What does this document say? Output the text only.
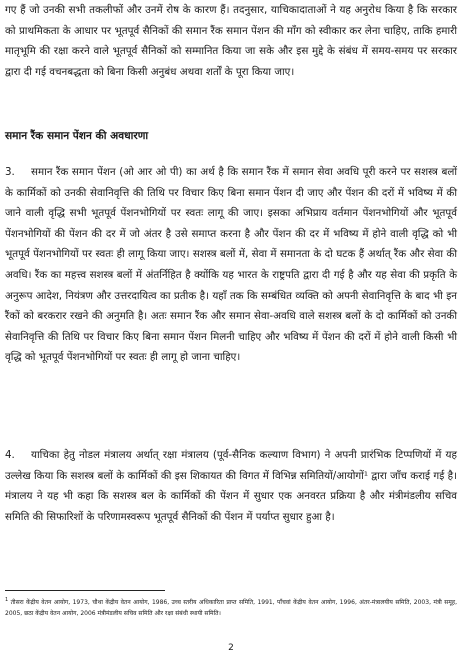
गए हैं जो उनकी सभी तकलीफों और उनमें रोष के कारण हैं। तदनुसार, याचिकादाताओं ने यह अनुरोध किया है कि सरकार को प्राथमिकता के आधार पर भूतपूर्व सैनिकों की समान रैंक समान पेंशन की माँग को स्वीकार कर लेना चाहिए, ताकि हमारी मातृभूमि की रक्षा करने वाले भूतपूर्व सैनिकों को सम्मानित किया जा सके और इस मुद्दे के संबंध में समय-समय पर सरकार द्वारा दी गई वचनबद्धता को बिना किसी अनुबंध अथवा शर्तों के पूरा किया जाए।

समान रैंक समान पेंशन की अवधारणा

3. समान रैंक समान पेंशन (ओ आर ओ पी) का अर्थ है कि समान रैंक में समान सेवा अवधि पूरी करने पर सशस्त्र बलों के कार्मिकों को उनकी सेवानिवृत्ति की तिथि पर विचार किए बिना समान पेंशन दी जाए और पेंशन की दरों में भविष्य में की जाने वाली वृद्धि सभी भूतपूर्व पेंशनभोगियों पर स्वतः लागू की जाए। इसका अभिप्राय वर्तमान पेंशनभोगियों और भूतपूर्व पेंशनभोगियों की पेंशन की दर में जो अंतर है उसे समाप्त करना है और पेंशन की दर में भविष्य में होने वाली वृद्धि को भी भूतपूर्व पेंशनभोगियों पर स्वतः ही लागू किया जाए। सशस्त्र बलों में, सेवा में समानता के दो घटक हैं अर्थात् रैंक और सेवा की अवधि। रैंक का महत्त्व सशस्त्र बलों में अंतर्निहित है क्योंकि यह भारत के राष्ट्रपति द्वारा दी गई है और यह सेवा की प्रकृति के अनुरूप आदेश, नियंत्रण और उत्तरदायित्व का प्रतीक है। यहाँ तक कि सम्बंधित व्यक्ति को अपनी सेवानिवृत्ति के बाद भी इन रैंकों को बरकरार रखने की अनुमति है। अतः समान रैंक और समान सेवा-अवधि वाले सशस्त्र बलों के दो कार्मिकों को उनकी सेवानिवृत्ति की तिथि पर विचार किए बिना समान पेंशन मिलनी चाहिए और भविष्य में पेंशन की दरों में होने वाली किसी भी वृद्धि को भूतपूर्व पेंशनभोगियों पर स्वतः ही लागू हो जाना चाहिए।

4. याचिका हेतु नोडल मंत्रालय अर्थात् रक्षा मंत्रालय (पूर्व-सैनिक कल्याण विभाग) ने अपनी प्रारंभिक टिप्पणियों में यह उल्लेख किया कि सशस्त्र बलों के कार्मिकों की इस शिकायत की विगत में विभिन्न समितियों/आयोगों¹ द्वारा जाँच कराई गई है। मंत्रालय ने यह भी कहा कि सशस्त्र बल के कार्मिकों की पेंशन में सुधार एक अनवरत प्रक्रिया है और मंत्रीमंडलीय सचिव समिति की सिफारिशों के परिणामस्वरूप भूतपूर्व सैनिकों की पेंशन में पर्याप्त सुधार हुआ है।

$^1$ तीसरा केंद्रीय वेतन आयोग, 1973, चौथा केंद्रीय वेतन आयोग, 1986, उच्च स्तरीय अधिकारिता प्राप्त समिति, 1991, पाँचवां केंद्रीय वेतन आयोग, 1996, अंतर-मंत्रालयीय समिति, 2003, मंत्री समूह, 2005, छठा केंद्रीय वेतन आयोग, 2006 मंत्रीमंडलीय सचिव समिति और रक्षा संबंधी स्थायी समिति।

2
